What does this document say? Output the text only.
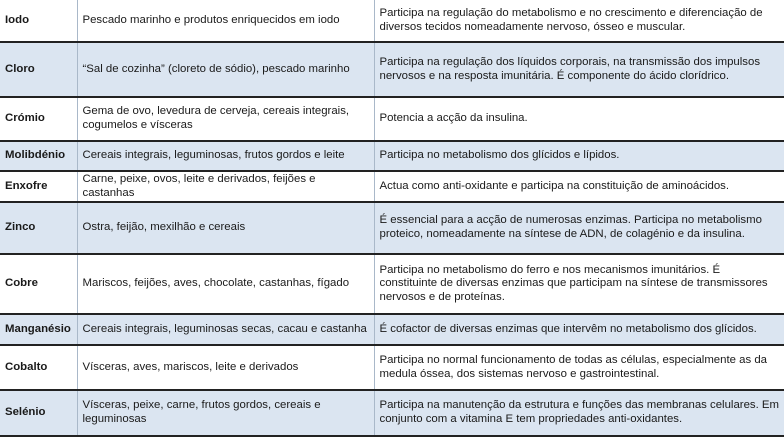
Iodo	Pescado marinho e produtos enriquecidos em iodo	Participa na regulação do metabolismo e no crescimento e diferenciação de diversos tecidos nomeadamente nervoso, ósseo e muscular.
Cloro	“Sal de cozinha” (cloreto de sódio), pescado marinho	Participa na regulação dos líquidos corporais, na transmissão dos impulsos nervosos e na resposta imunitária. É componente do ácido clorídrico.
Crómio	Gema de ovo, levedura de cerveja, cereais integrais, cogumelos e vísceras	Potencia a acção da insulina.
Molibdénio	Cereais integrais, leguminosas, frutos gordos e leite	Participa no metabolismo dos glícidos e lípidos.
Enxofre	Carne, peixe, ovos, leite e derivados, feijões e castanhas	Actua como anti-oxidante e participa na constituição de aminoácidos.
Zinco	Ostra, feijão, mexilhão e cereais	É essencial para a acção de numerosas enzimas. Participa no metabolismo proteico, nomeadamente na síntese de ADN, de colagénio e da insulina.
Cobre	Mariscos, feijões, aves, chocolate, castanhas, fígado	Participa no metabolismo do ferro e nos mecanismos imunitários. É constituinte de diversas enzimas que participam na síntese de transmissores nervosos e de proteínas.
Manganésio	Cereais integrais, leguminosas secas, cacau e castanha	É cofactor de diversas enzimas que intervêm no metabolismo dos glícidos.
Cobalto	Vísceras, aves, mariscos, leite e derivados	Participa no normal funcionamento de todas as células, especialmente as da medula óssea, dos sistemas nervoso e gastrointestinal.
Selénio	Vísceras, peixe, carne, frutos gordos, cereais e leguminosas	Participa na manutenção da estrutura e funções das membranas celulares. Em conjunto com a vitamina E tem propriedades anti-oxidantes.
